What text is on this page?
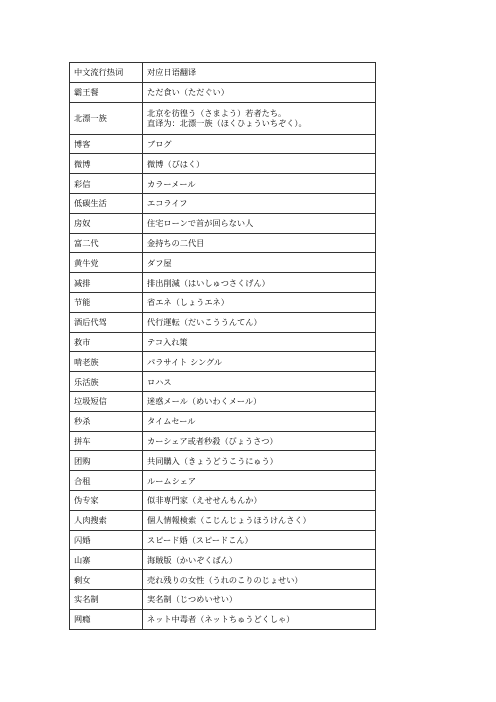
中文流行热词	对应日语翻译
霸王餐	ただ食い（ただぐい）

北漂一族	北京を彷徨う（さまよう）若者たち。
直译为：北漂一族（ほくひょういちぞく）。

博客	ブログ

微博	微博（びはく）

彩信	カラーメール

低碳生活	エコライフ

房奴	住宅ローンで首が回らない人

富二代	金持ちの二代目

黄牛党	ダフ屋

减排	排出削減（はいしゅつさくげん）

节能	省エネ（しょうエネ）

酒后代驾	代行運転（だいこううんてん）

救市	テコ入れ策

啃老族	パラサイト シングル

乐活族	ロハス

垃圾短信	迷惑メール（めいわくメール）

秒杀	タイムセール

拼车	カーシェア或者秒殺（びょうさつ）

团购	共同購入（きょうどうこうにゅう）

合租	ルームシェア

伪专家	似非専門家（えせせんもんか）

人肉搜索	個人情報検索（こじんじょうほうけんさく）

闪婚	スピード婚（スピードこん）

山寨	海賊版（かいぞくばん）

剩女	売れ残りの女性（うれのこりのじょせい）

实名制	実名制（じつめいせい）

网瘾	ネット中毒者（ネットちゅうどくしゃ）
